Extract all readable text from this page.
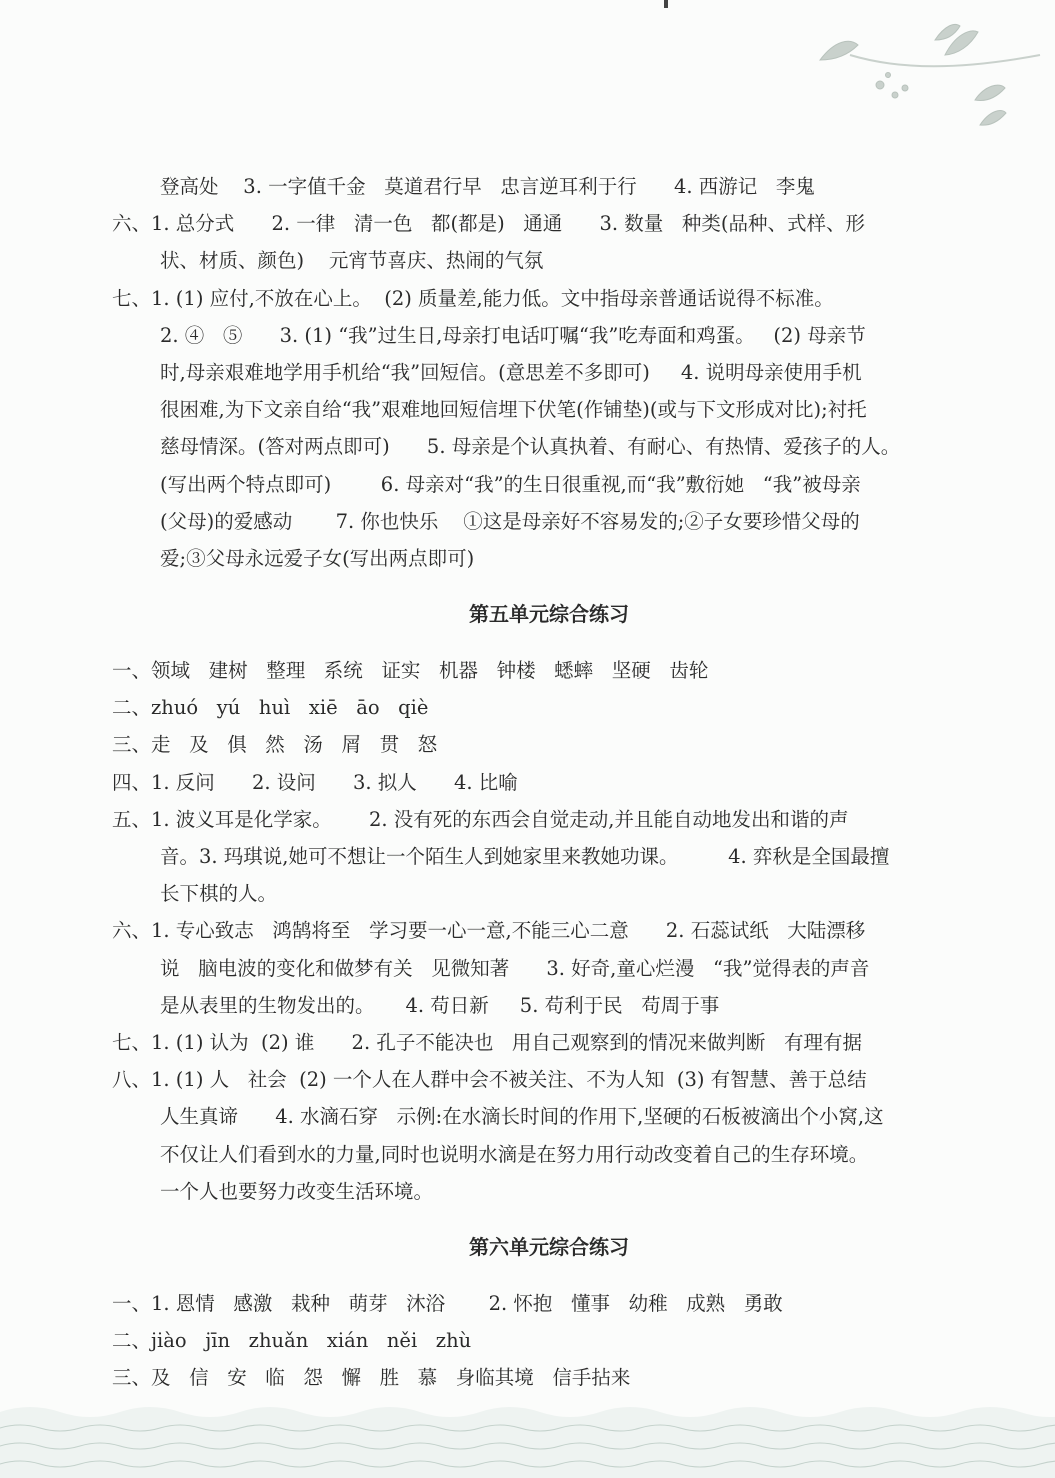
登高处    3. 一字值千金   莫道君行早   忠言逆耳利于行      4. 西游记   李鬼
六、1. 总分式      2. 一律   清一色   都(都是)   通通      3. 数量   种类(品种、式样、形
状、材质、颜色)    元宵节喜庆、热闹的气氛
七、1. (1) 应付,不放在心上。  (2) 质量差,能力低。文中指母亲普通话说得不标准。
2. ④   ⑤      3. (1) “我”过生日,母亲打电话叮嘱“我”吃寿面和鸡蛋。   (2) 母亲节
时,母亲艰难地学用手机给“我”回短信。(意思差不多即可)     4. 说明母亲使用手机
很困难,为下文亲自给“我”艰难地回短信埋下伏笔(作铺垫)(或与下文形成对比);衬托
慈母情深。(答对两点即可)      5. 母亲是个认真执着、有耐心、有热情、爱孩子的人。
(写出两个特点即可)        6. 母亲对“我”的生日很重视,而“我”敷衍她   “我”被母亲
(父母)的爱感动       7. 你也快乐    ①这是母亲好不容易发的;②子女要珍惜父母的
爱;③父母永远爱子女(写出两点即可)
第五单元综合练习
一、领域   建树   整理   系统   证实   机器   钟楼   蟋蟀   坚硬   齿轮
二、zhuó   yú   huì   xiē   āo   qiè
三、走   及   俱   然   汤   屑   贯   怒
四、1. 反问      2. 设问      3. 拟人      4. 比喻
五、1. 波义耳是化学家。      2. 没有死的东西会自觉走动,并且能自动地发出和谐的声
音。3. 玛琪说,她可不想让一个陌生人到她家里来教她功课。        4. 弈秋是全国最擅
长下棋的人。
六、1. 专心致志   鸿鹄将至   学习要一心一意,不能三心二意      2. 石蕊试纸   大陆漂移
说   脑电波的变化和做梦有关   见微知著      3. 好奇,童心烂漫   “我”觉得表的声音
是从表里的生物发出的。     4. 苟日新     5. 苟利于民   苟周于事
七、1. (1) 认为  (2) 谁      2. 孔子不能决也   用自己观察到的情况来做判断   有理有据
八、1. (1) 人   社会  (2) 一个人在人群中会不被关注、不为人知  (3) 有智慧、善于总结
人生真谛      4. 水滴石穿   示例:在水滴长时间的作用下,坚硬的石板被滴出个小窝,这
不仅让人们看到水的力量,同时也说明水滴是在努力用行动改变着自己的生存环境。
一个人也要努力改变生活环境。
第六单元综合练习
一、1. 恩情   感激   栽种   萌芽   沐浴       2. 怀抱   懂事   幼稚   成熟   勇敢
二、jiào   jīn   zhuǎn   xián   něi   zhù
三、及   信   安   临   怨   懈   胜   慕   身临其境   信手拈来
